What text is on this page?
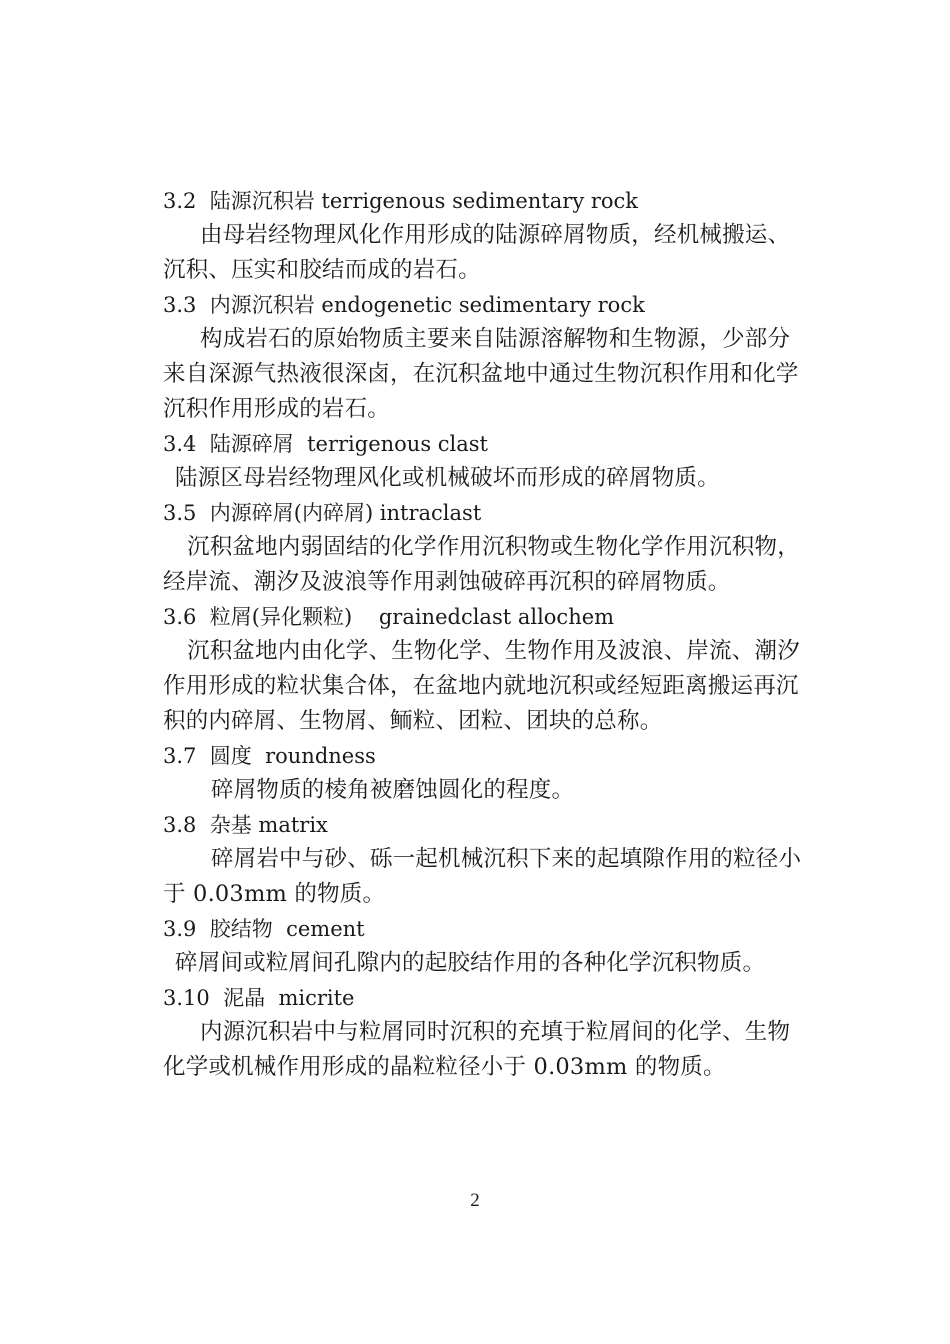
3.2  陆源沉积岩 terrigenous sedimentary rock

由母岩经物理风化作用形成的陆源碎屑物质，经机械搬运、沉积、压实和胶结而成的岩石。

3.3  内源沉积岩 endogenetic sedimentary rock

构成岩石的原始物质主要来自陆源溶解物和生物源，少部分来自深源气热液很深卤，在沉积盆地中通过生物沉积作用和化学沉积作用形成的岩石。

3.4  陆源碎屑  terrigenous clast

陆源区母岩经物理风化或机械破坏而形成的碎屑物质。

3.5  内源碎屑(内碎屑) intraclast

沉积盆地内弱固结的化学作用沉积物或生物化学作用沉积物，经岸流、潮汐及波浪等作用剥蚀破碎再沉积的碎屑物质。

3.6  粒屑(异化颗粒)    grainedclast allochem

沉积盆地内由化学、生物化学、生物作用及波浪、岸流、潮汐作用形成的粒状集合体，在盆地内就地沉积或经短距离搬运再沉积的内碎屑、生物屑、鲕粒、团粒、团块的总称。

3.7  圆度  roundness

碎屑物质的棱角被磨蚀圆化的程度。

3.8  杂基 matrix

碎屑岩中与砂、砾一起机械沉积下来的起填隙作用的粒径小于 0.03mm 的物质。

3.9  胶结物  cement

碎屑间或粒屑间孔隙内的起胶结作用的各种化学沉积物质。

3.10  泥晶  micrite

内源沉积岩中与粒屑同时沉积的充填于粒屑间的化学、生物化学或机械作用形成的晶粒粒径小于 0.03mm 的物质。

2
